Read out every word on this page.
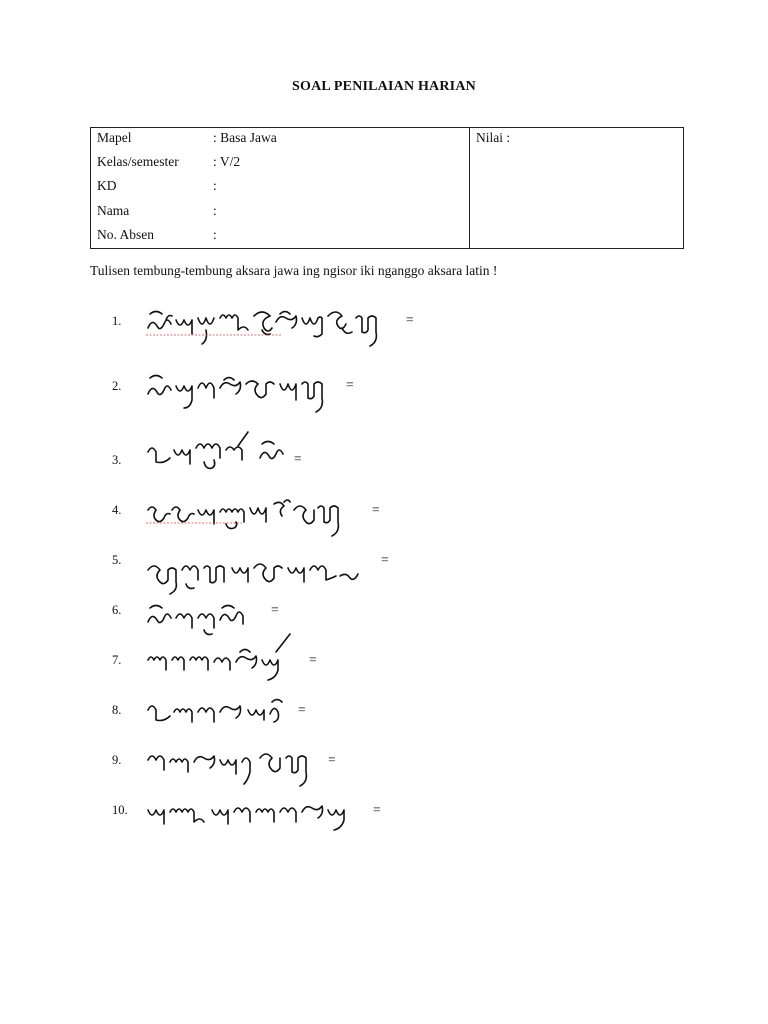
SOAL PENILAIAN HARIAN
Mapel	: Basa Jawa
Kelas/semester	: V/2
KD	:
Nama	:
No. Absen	:
Nilai :
Tulisen tembung-tembung aksara jawa ing ngisor iki nganggo aksara latin !
1.	=
2.	=
3.	=
4.	=
5.	=
6.	=
7.	=
8.	=
9.	=
10.	=
